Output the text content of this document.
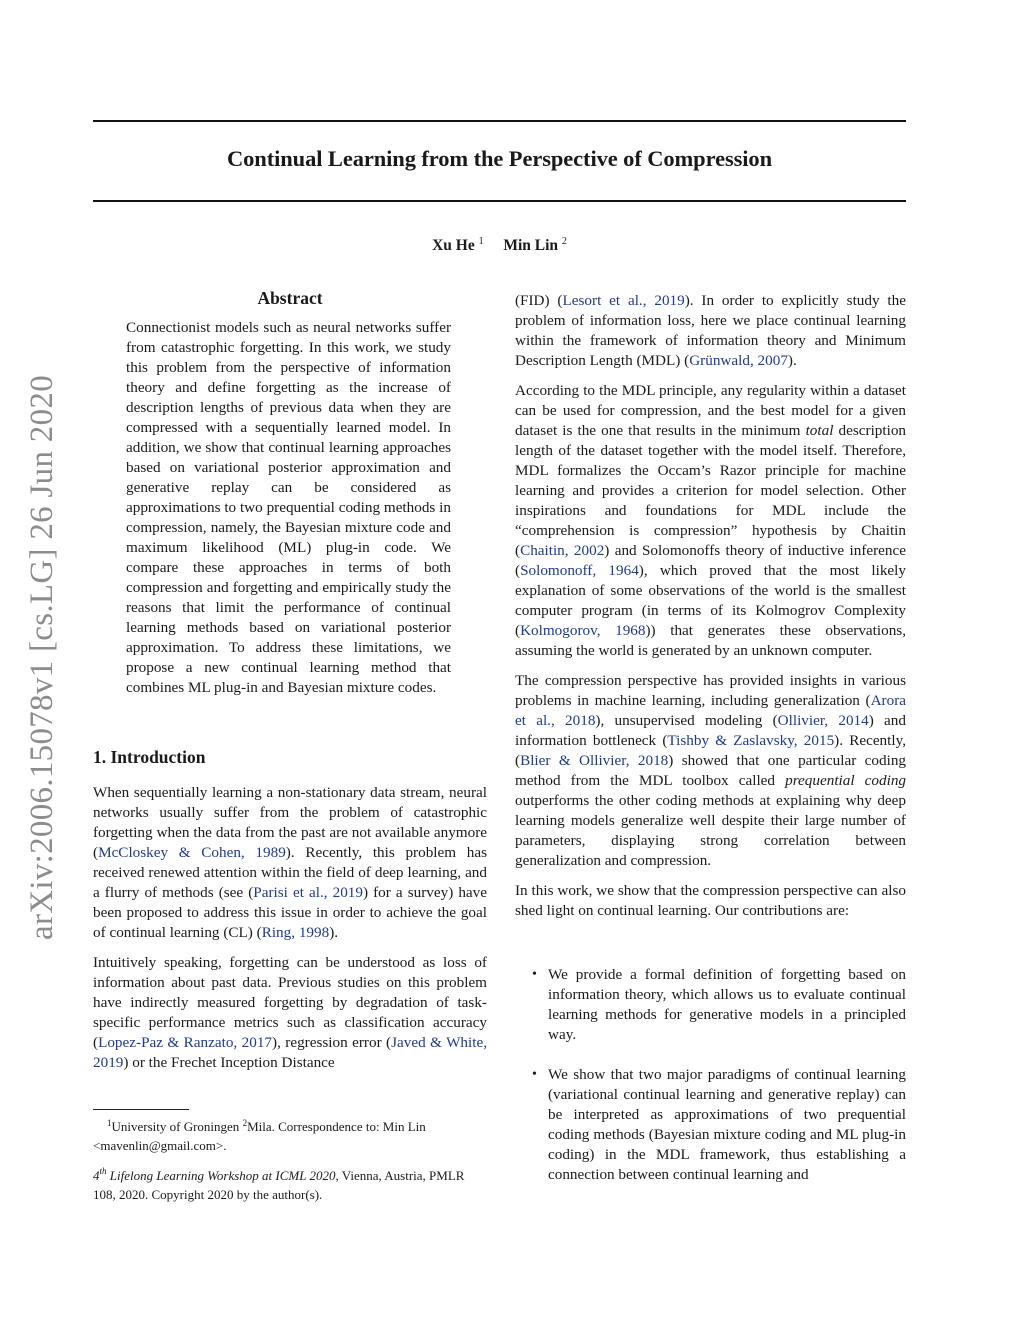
Continual Learning from the Perspective of Compression
Xu He $^1$ Min Lin $^2$
arXiv:2006.15078v1 [cs.LG] 26 Jun 2020
Abstract

Connectionist models such as neural networks suffer from catastrophic forgetting. In this work, we study this problem from the perspective of information theory and define forgetting as the increase of description lengths of previous data when they are compressed with a sequentially learned model. In addition, we show that continual learning approaches based on variational posterior approximation and generative replay can be considered as approximations to two prequential coding methods in compression, namely, the Bayesian mixture code and maximum likelihood (ML) plug-in code. We compare these approaches in terms of both compression and forgetting and empirically study the reasons that limit the performance of continual learning methods based on variational posterior approximation. To address these limitations, we propose a new continual learning method that combines ML plug-in and Bayesian mixture codes.

1. Introduction

When sequentially learning a non-stationary data stream, neural networks usually suffer from the problem of catastrophic forgetting when the data from the past are not available anymore (McCloskey & Cohen, 1989). Recently, this problem has received renewed attention within the field of deep learning, and a flurry of methods (see (Parisi et al., 2019) for a survey) have been proposed to address this issue in order to achieve the goal of continual learning (CL) (Ring, 1998).

Intuitively speaking, forgetting can be understood as loss of information about past data. Previous studies on this problem have indirectly measured forgetting by degradation of task-specific performance metrics such as classification accuracy (Lopez-Paz & Ranzato, 2017), regression error (Javed & White, 2019) or the Frechet Inception Distance

$^1$University of Groningen $^2$Mila. Correspondence to: Min Lin <mavenlin@gmail.com>.
4th Lifelong Learning Workshop at ICML 2020, Vienna, Austria, PMLR 108, 2020. Copyright 2020 by the author(s).

(FID) (Lesort et al., 2019). In order to explicitly study the problem of information loss, here we place continual learning within the framework of information theory and Minimum Description Length (MDL) (Grünwald, 2007).

According to the MDL principle, any regularity within a dataset can be used for compression, and the best model for a given dataset is the one that results in the minimum total description length of the dataset together with the model itself. Therefore, MDL formalizes the Occam’s Razor principle for machine learning and provides a criterion for model selection. Other inspirations and foundations for MDL include the “comprehension is compression” hypothesis by Chaitin (Chaitin, 2002) and Solomonoffs theory of inductive inference (Solomonoff, 1964), which proved that the most likely explanation of some observations of the world is the smallest computer program (in terms of its Kolmogrov Complexity (Kolmogorov, 1968)) that generates these observations, assuming the world is generated by an unknown computer.

The compression perspective has provided insights in various problems in machine learning, including generalization (Arora et al., 2018), unsupervised modeling (Ollivier, 2014) and information bottleneck (Tishby & Zaslavsky, 2015). Recently, (Blier & Ollivier, 2018) showed that one particular coding method from the MDL toolbox called prequential coding outperforms the other coding methods at explaining why deep learning models generalize well despite their large number of parameters, displaying strong correlation between generalization and compression.

In this work, we show that the compression perspective can also shed light on continual learning. Our contributions are:

• We provide a formal definition of forgetting based on information theory, which allows us to evaluate continual learning methods for generative models in a principled way.
• We show that two major paradigms of continual learning (variational continual learning and generative replay) can be interpreted as approximations of two prequential coding methods (Bayesian mixture coding and ML plug-in coding) in the MDL framework, thus establishing a connection between continual learning and
